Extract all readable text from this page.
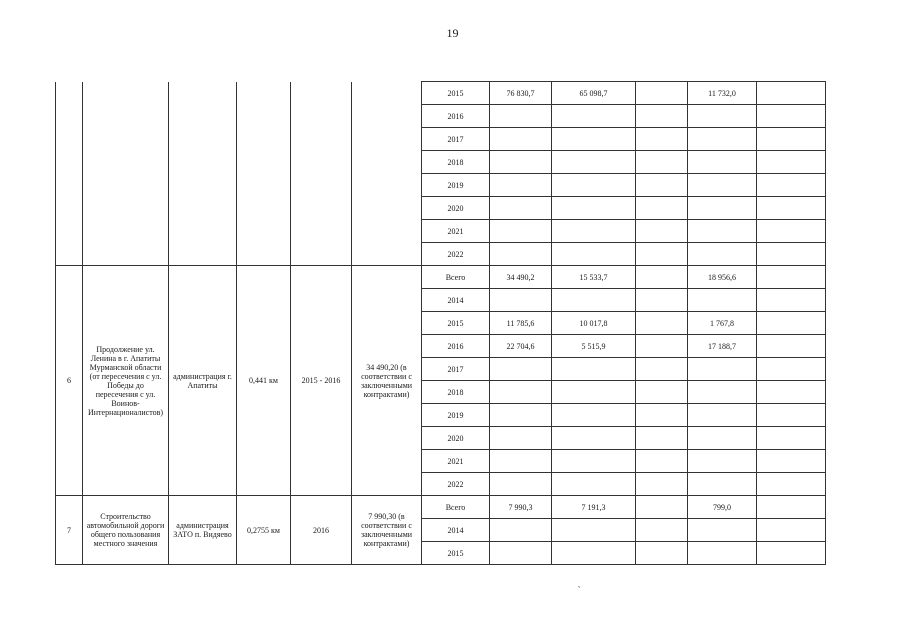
19
						2015	76 830,7	65 098,7		11 732,0	
						2016					
						2017					
						2018					
						2019					
						2020					
						2021					
						2022					
6	Продолжение ул. Ленина в г. Апатиты Мурманской области (от пересечения с ул. Победы до пересечения с ул. Воинов-Интернационалистов)	администрация г. Апатиты	0,441 км	2015 - 2016	34 490,20 (в соответствии с заключенными контрактами)	Всего	34 490,2	15 533,7		18 956,6	
						2014					
						2015	11 785,6	10 017,8		1 767,8	
						2016	22 704,6	5 515,9		17 188,7	
						2017					
						2018					
						2019					
						2020					
						2021					
						2022					
7	Строительство автомобильной дороги общего пользования местного значения	администрация ЗАТО п. Видяево	0,2755 км	2016	7 990,30 (в соответствии с заключенными контрактами)	Всего	7 990,3	7 191,3		799,0	
						2014					
						2015					
‵
